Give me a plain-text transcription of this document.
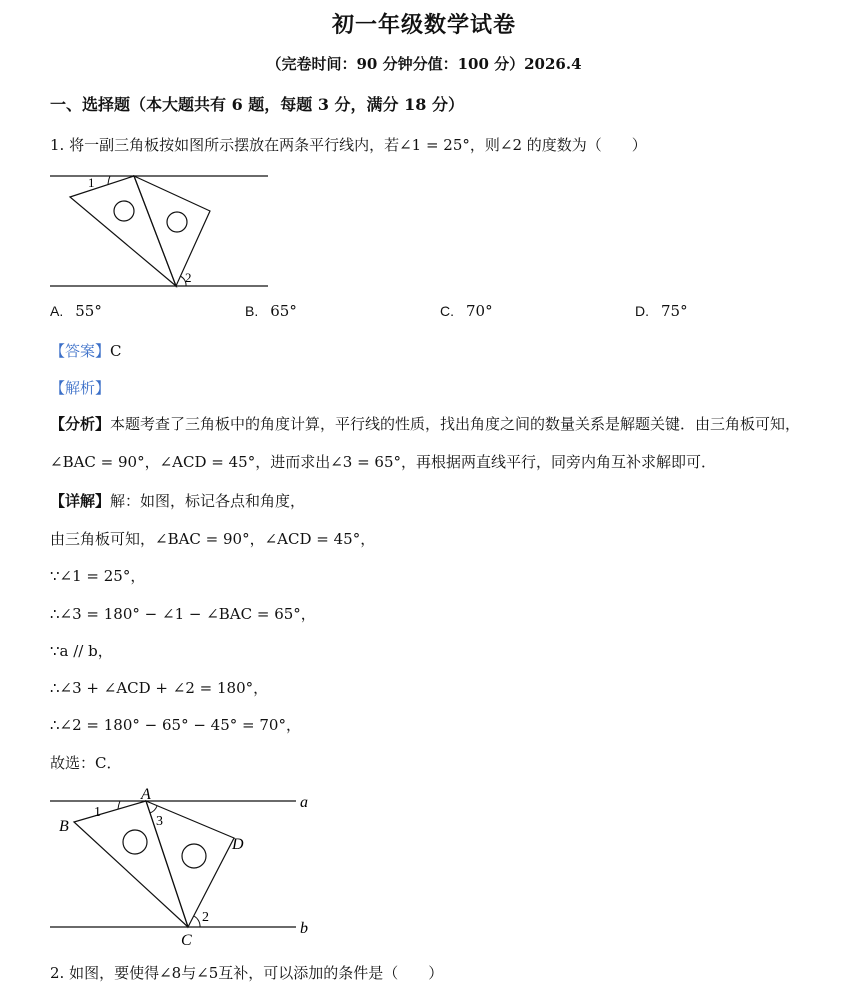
初一年级数学试卷
（完卷时间：90 分钟分值：100 分）2026.4
一、选择题（本大题共有 6 题，每题 3 分，满分 18 分）
1. 将一副三角板按如图所示摆放在两条平行线内，若∠1 = 25°，则∠2 的度数为（　　）
1
2
A. 55°	B. 65°	C. 70°	D. 75°
【答案】C
【解析】
【分析】本题考查了三角板中的角度计算，平行线的性质，找出角度之间的数量关系是解题关键．由三角板可知，∠BAC = 90°，∠ACD = 45°，进而求出∠3 = 65°，再根据两直线平行，同旁内角互补求解即可．
【详解】解：如图，标记各点和角度，
由三角板可知，∠BAC = 90°，∠ACD = 45°，
∵∠1 = 25°，
∴∠3 = 180° − ∠1 − ∠BAC = 65°，
∵a // b，
∴∠3 + ∠ACD + ∠2 = 180°，
∴∠2 = 180° − 65° − 45° = 70°，
故选：C．
A
B
C
D
a
b
1
3
2
2. 如图，要使得∠8与∠5互补，可以添加的条件是（　　）
